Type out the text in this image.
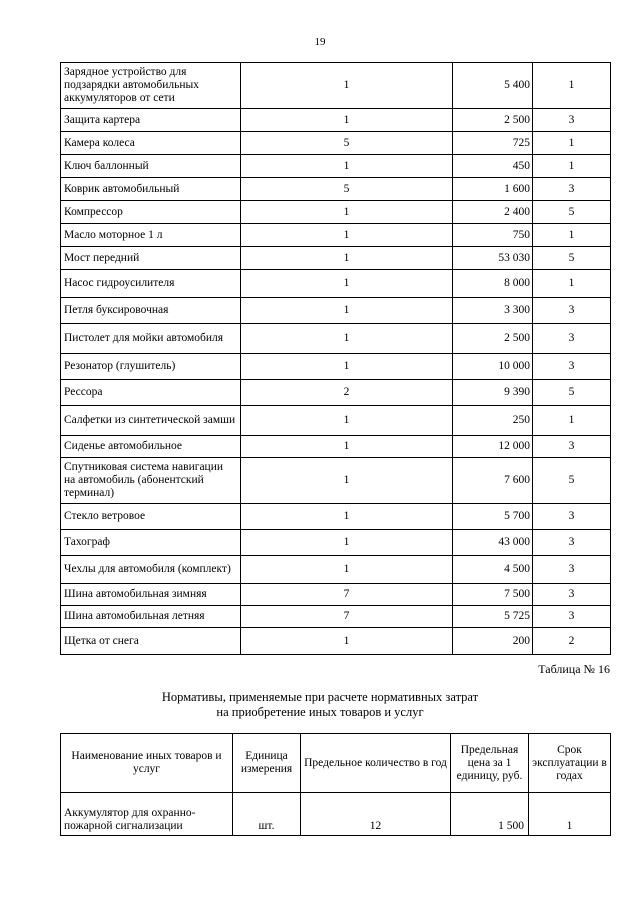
19
Зарядное устройство для подзарядки автомобильных аккумуляторов от сети	1	5 400	1
Защита картера	1	2 500	3
Камера колеса	5	725	1
Ключ баллонный	1	450	1
Коврик автомобильный	5	1 600	3
Компрессор	1	2 400	5
Масло моторное 1 л	1	750	1
Мост передний	1	53 030	5
Насос гидроусилителя	1	8 000	1
Петля буксировочная	1	3 300	3
Пистолет для мойки автомобиля	1	2 500	3
Резонатор (глушитель)	1	10 000	3
Рессора	2	9 390	5
Салфетки из синтетической замши	1	250	1
Сиденье автомобильное	1	12 000	3
Спутниковая система навигации на автомобиль (абонентский терминал)	1	7 600	5
Стекло ветровое	1	5 700	3
Тахограф	1	43 000	3
Чехлы для автомобиля (комплект)	1	4 500	3
Шина автомобильная зимняя	7	7 500	3
Шина автомобильная летняя	7	5 725	3
Щетка от снега	1	200	2
Таблица № 16
Нормативы, применяемые при расчете нормативных затрат
на приобретение иных товаров и услуг
Наименование иных товаров и услуг	Единица измерения	Предельное количество в год	Предельная цена за 1 единицу, руб.	Срок эксплуатации в годах
Аккумулятор для охранно-пожарной сигнализации	шт.	12	1 500	1
